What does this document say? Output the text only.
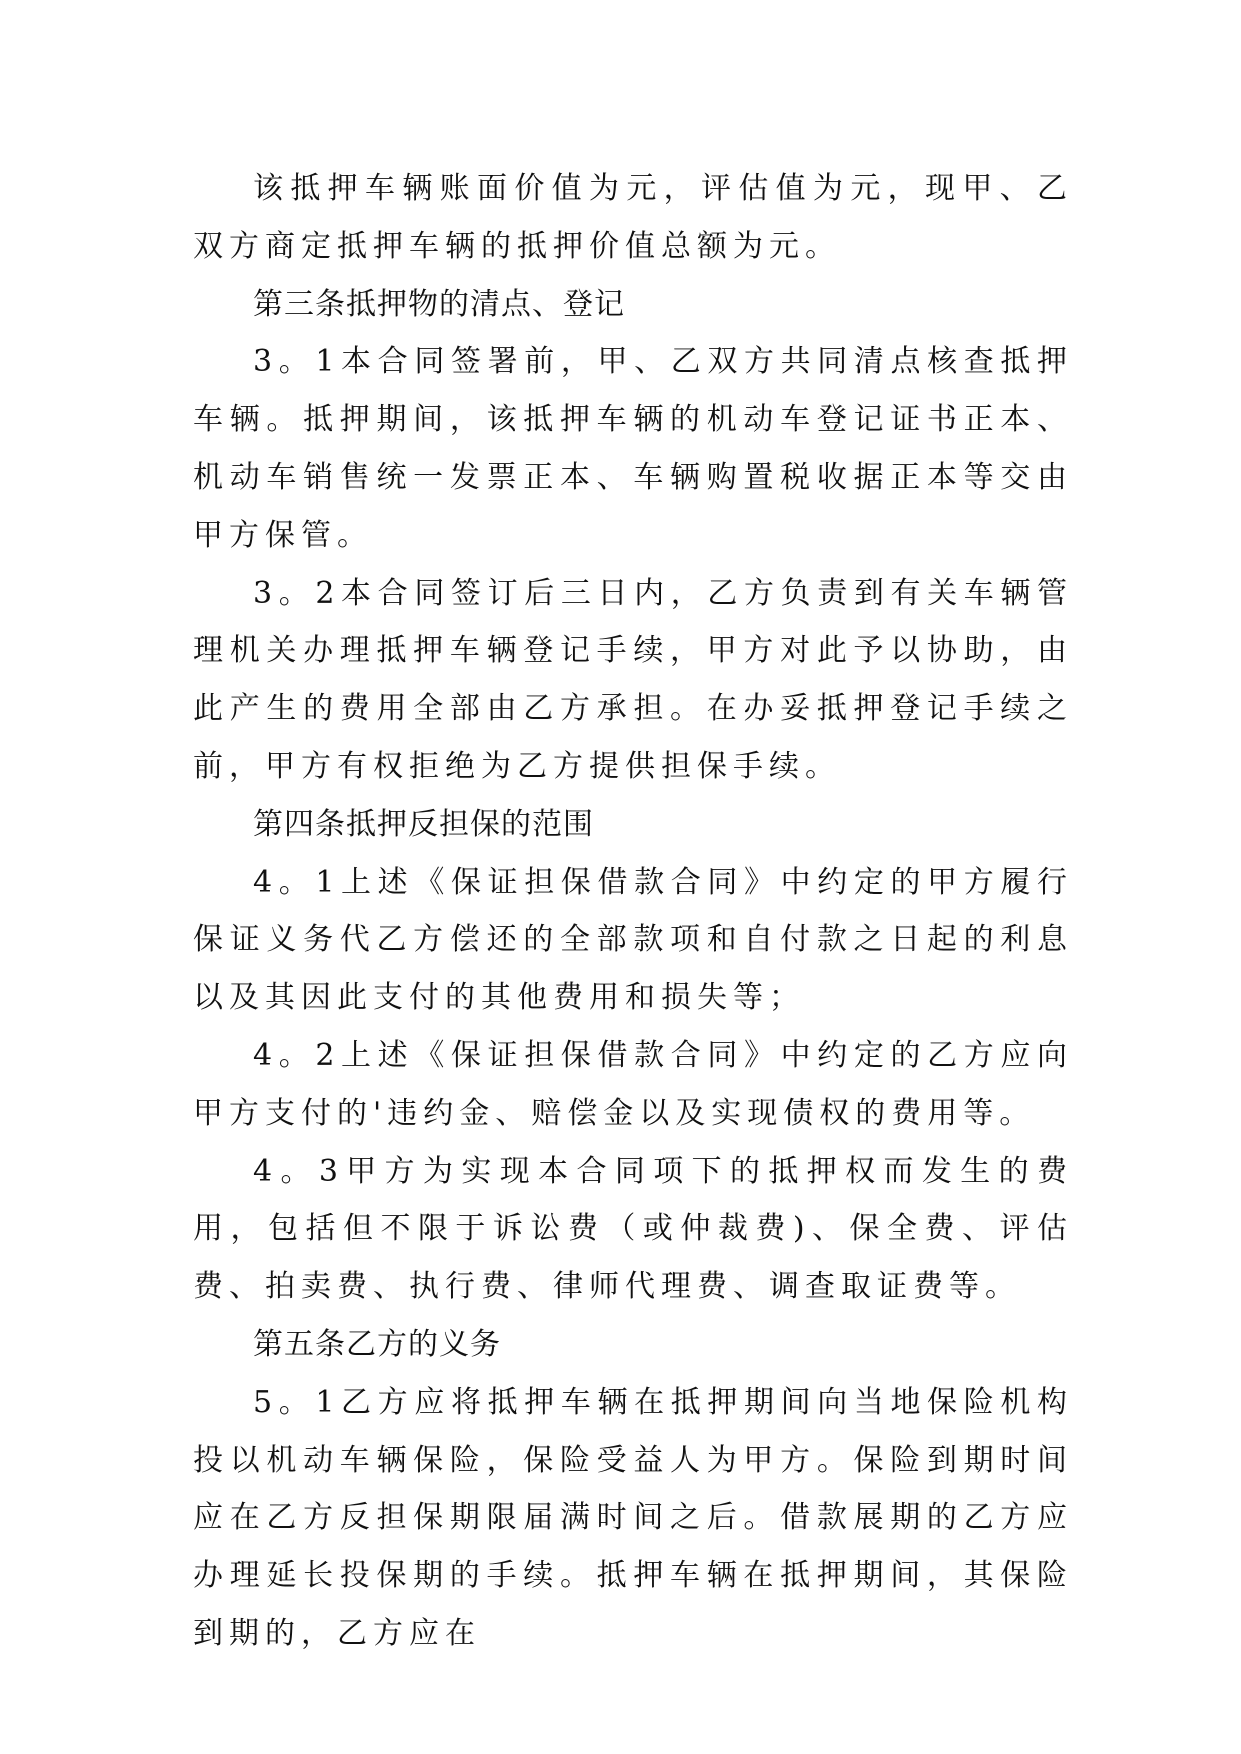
该抵押车辆账面价值为元，评估值为元，现甲、乙双方商定抵押车辆的抵押价值总额为元。

第三条抵押物的清点、登记

3。1本合同签署前，甲、乙双方共同清点核查抵押车辆。抵押期间，该抵押车辆的机动车登记证书正本、机动车销售统一发票正本、车辆购置税收据正本等交由甲方保管。

3。2本合同签订后三日内，乙方负责到有关车辆管理机关办理抵押车辆登记手续，甲方对此予以协助，由此产生的费用全部由乙方承担。在办妥抵押登记手续之前，甲方有权拒绝为乙方提供担保手续。

第四条抵押反担保的范围

4。1上述《保证担保借款合同》中约定的甲方履行保证义务代乙方偿还的全部款项和自付款之日起的利息以及其因此支付的其他费用和损失等；

4。2上述《保证担保借款合同》中约定的乙方应向甲方支付的'违约金、赔偿金以及实现债权的费用等。

4。3甲方为实现本合同项下的抵押权而发生的费用，包括但不限于诉讼费（或仲裁费)、保全费、评估费、拍卖费、执行费、律师代理费、调查取证费等。

第五条乙方的义务

5。1乙方应将抵押车辆在抵押期间向当地保险机构投以机动车辆保险，保险受益人为甲方。保险到期时间应在乙方反担保期限届满时间之后。借款展期的乙方应办理延长投保期的手续。抵押车辆在抵押期间，其保险到期的，乙方应在
